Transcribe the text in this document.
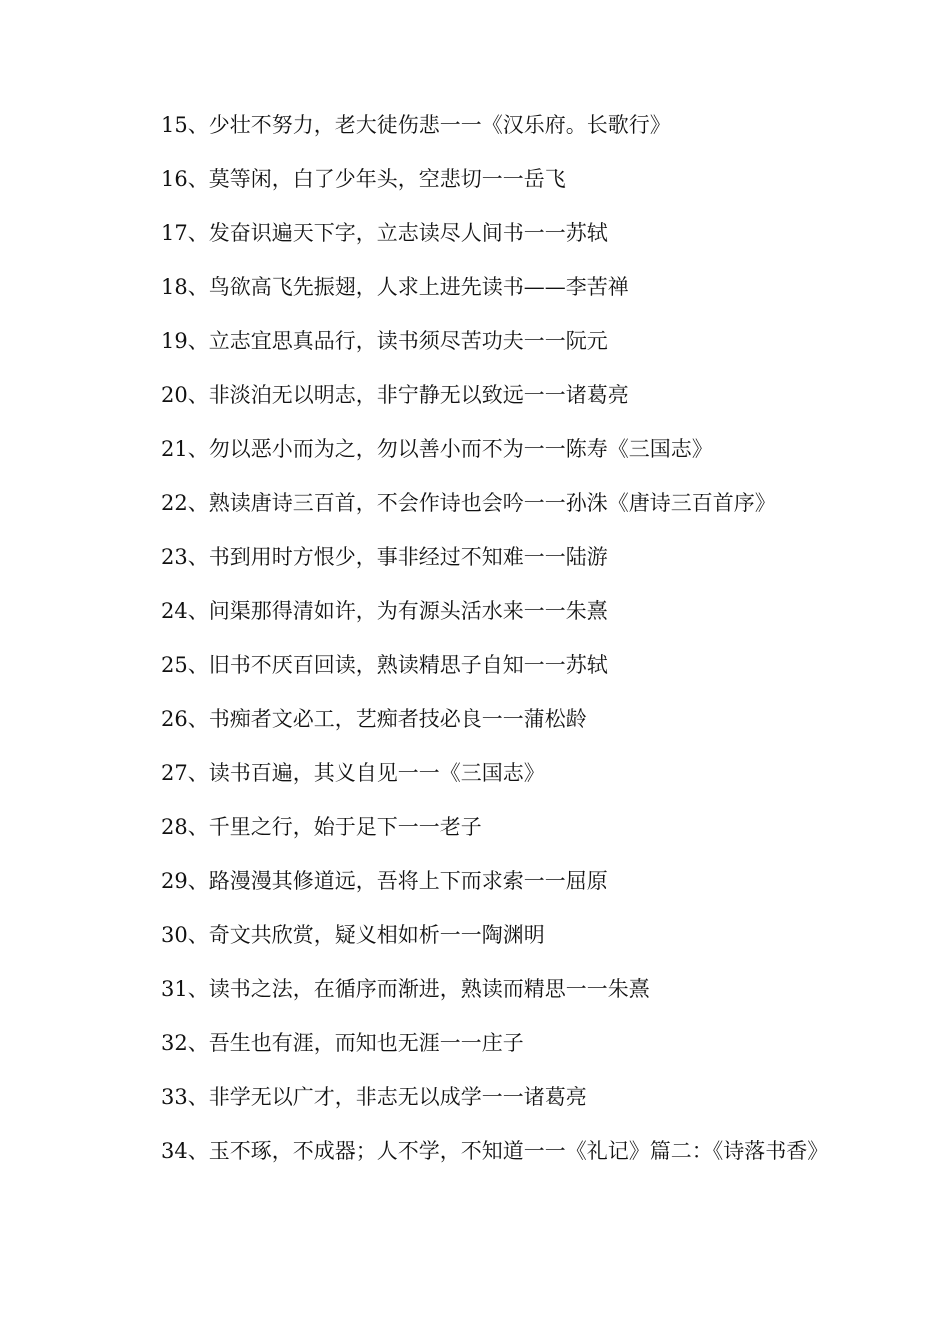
15、少壮不努力，老大徒伤悲一一《汉乐府。长歌行》
16、莫等闲，白了少年头，空悲切一一岳飞
17、发奋识遍天下字，立志读尽人间书一一苏轼
18、鸟欲高飞先振翅，人求上进先读书——李苦禅
19、立志宜思真品行，读书须尽苦功夫一一阮元
20、非淡泊无以明志，非宁静无以致远一一诸葛亮
21、勿以恶小而为之，勿以善小而不为一一陈寿《三国志》
22、熟读唐诗三百首，不会作诗也会吟一一孙洙《唐诗三百首序》
23、书到用时方恨少，事非经过不知难一一陆游
24、问渠那得清如许，为有源头活水来一一朱熹
25、旧书不厌百回读，熟读精思子自知一一苏轼
26、书痴者文必工，艺痴者技必良一一蒲松龄
27、读书百遍，其义自见一一《三国志》
28、千里之行，始于足下一一老子
29、路漫漫其修道远，吾将上下而求索一一屈原
30、奇文共欣赏，疑义相如析一一陶渊明
31、读书之法，在循序而渐进，熟读而精思一一朱熹
32、吾生也有涯，而知也无涯一一庄子
33、非学无以广才，非志无以成学一一诸葛亮
34、玉不琢，不成器；人不学，不知道一一《礼记》篇二：《诗落书香》
